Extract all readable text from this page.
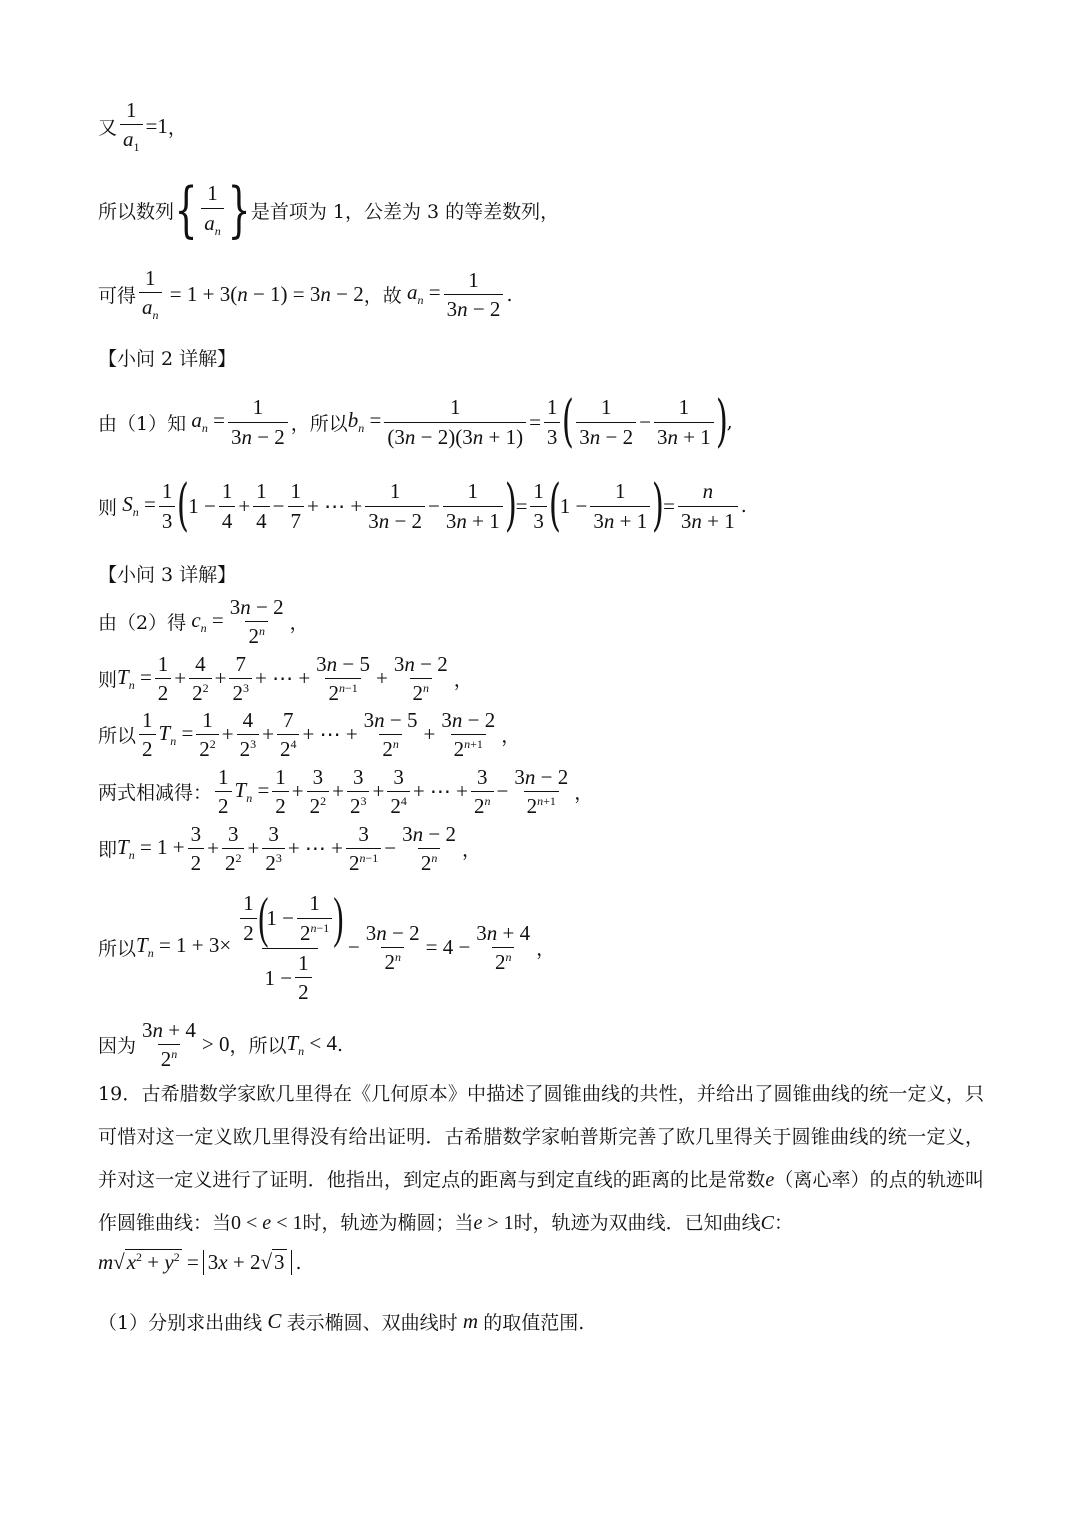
又 $\frac{1}{a_1} =1$ ，
所以数列 { $\frac{1}{a_n}$ } 是首项为 1，公差为 3 的等差数列，
可得 $\frac{1}{a_n} = 1 + 3(n - 1) = 3n - 2$ ，故 $a_n = \frac{1}{3n - 2}$ .
【小问 2 详解】
由（1）知 $a_n = \frac{1}{3n - 2}$ ，所以 $b_n = \frac{1}{(3n - 2)(3n + 1)} = \frac{1}{3}$ ( $\frac{1}{3n - 2} - \frac{1}{3n + 1}$ )
,
则 $S_n = \frac{1}{3}$ (
$1 - \frac{1}{4} + \frac{1}{4} - \frac{1}{7}$ + ⋯ + $\frac{1}{3n - 2} - \frac{1}{3n + 1}$ )
= $\frac{1}{3}$ (
$1 - \frac{1}{3n + 1}$ )
= $\frac{n}{3n + 1}$ .
【小问 3 详解】
由（2）得 $c_n = \frac{3n - 2}{2^n}$ ，
则 $T_n = \frac{1}{2} + \frac{4}{2^2} + \frac{7}{2^3}$ + ⋯ + $\frac{3n - 5}{2^{n-1}} + \frac{3n - 2}{2^n}$ ，
所以 $\frac{1}{2} T_n = \frac{1}{2^2} + \frac{4}{2^3} + \frac{7}{2^4}$ + ⋯ + $\frac{3n - 5}{2^n} + \frac{3n - 2}{2^{n+1}}$ ，
两式相减得： $\frac{1}{2} T_n = \frac{1}{2} + \frac{3}{2^2} + \frac{3}{2^3} + \frac{3}{2^4}$ + ⋯ + $\frac{3}{2^n} - \frac{3n - 2}{2^{n+1}}$ ，
即 $T_n = 1 + \frac{3}{2} + \frac{3}{2^2} + \frac{3}{2^3}$ + ⋯ + $\frac{3}{2^{n-1}} - \frac{3n - 2}{2^n}$ ，
所以 $T_n = 1 + 3\times \frac{1}{2}$ (
$1 - \frac{1}{2^{n-1}}$ )
$1 - \frac{1}{2} - \frac{3n - 2}{2^n} = 4 - \frac{3n + 4}{2^n}$ ，
因为 $\frac{3n + 4}{2^n} > 0$ ，所以 $T_n < 4$ .
19．古希腊数学家欧几里得在《几何原本》中描述了圆锥曲线的共性，并给出了圆锥曲线的统一定义，只可惜对这一定义欧几里得没有给出证明．古希腊数学家帕普斯完善了欧几里得关于圆锥曲线的统一定义，并对这一定义进行了证明．他指出，到定点的距离与到定直线的距离的比是常数e（离心率）的点的轨迹叫作圆锥曲线：当0 < e < 1时，轨迹为椭圆；当e > 1时，轨迹为双曲线．已知曲线C：
$m√x^2 + y^2 = 3x + 2√3$ .
（1）分别求出曲线 C 表示椭圆、双曲线时 m 的取值范围.
